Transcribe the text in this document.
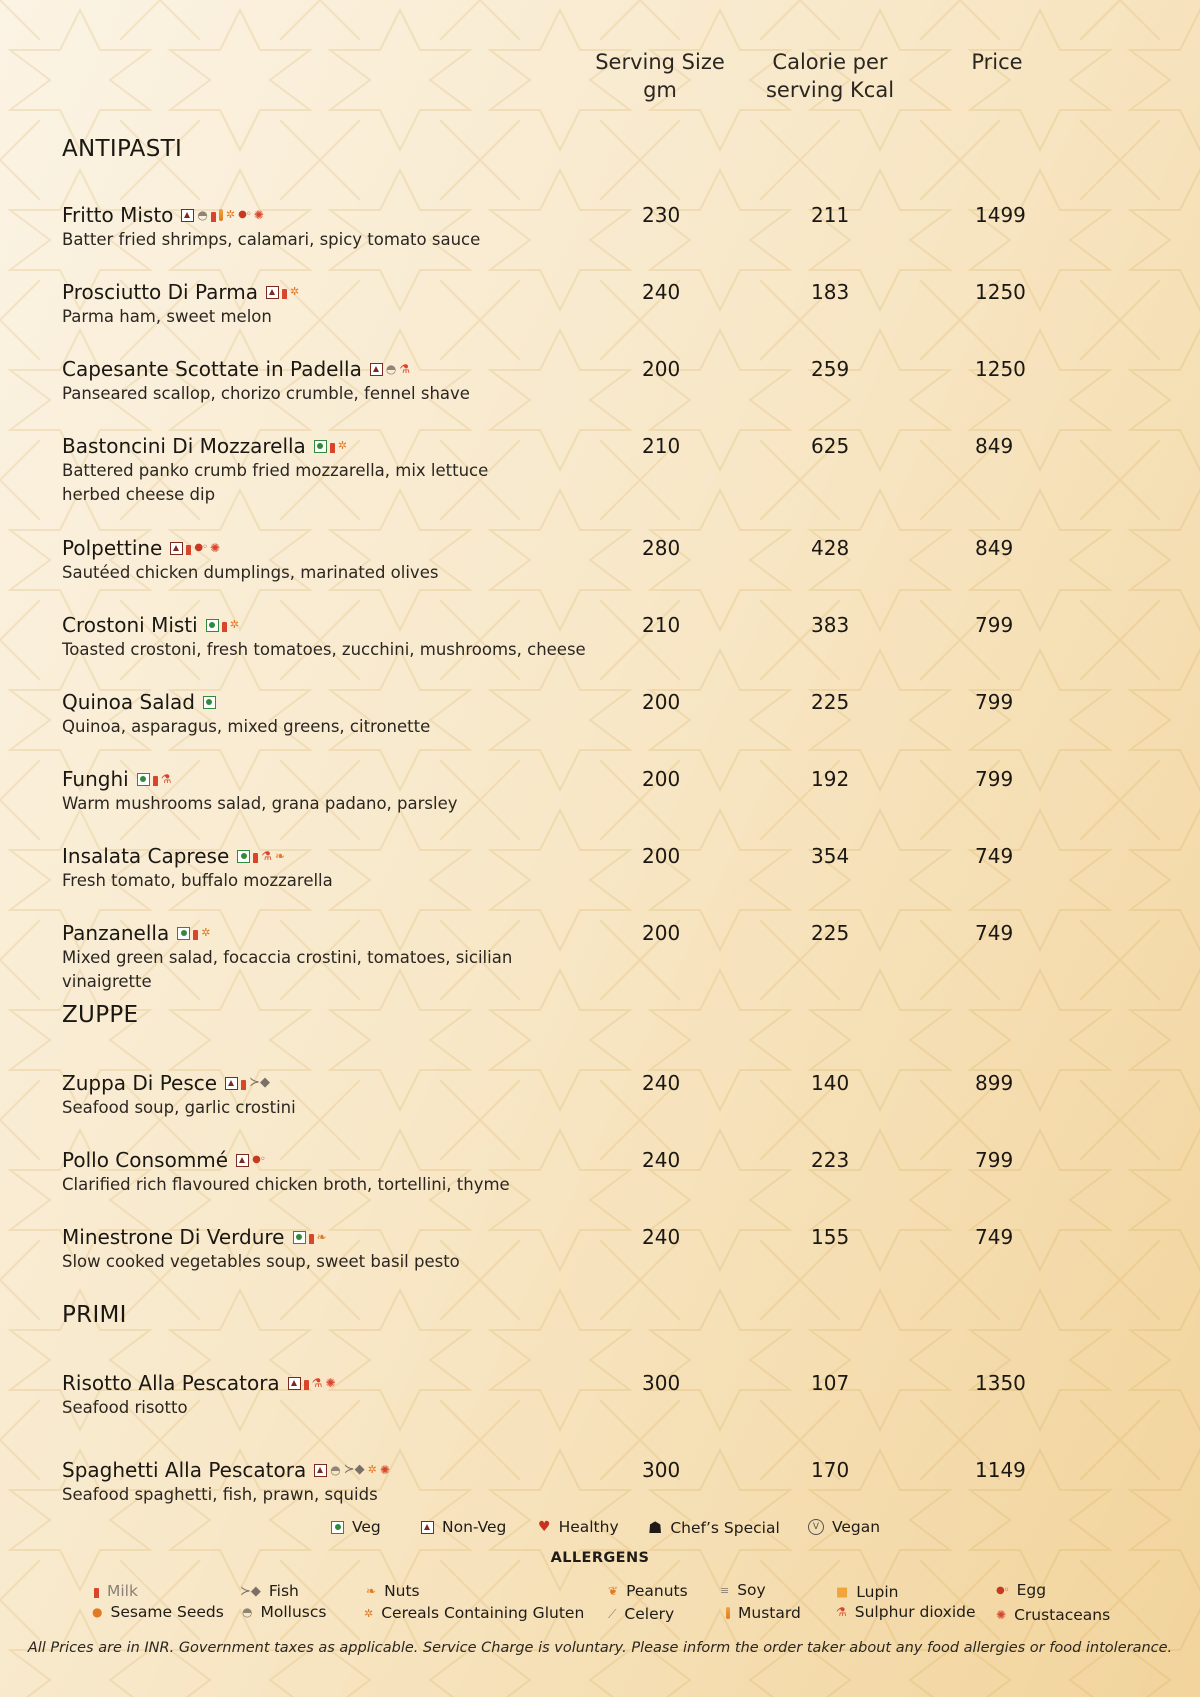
Serving Size
gm
Calorie per
serving Kcal
Price
ANTIPASTI
ZUPPE
PRIMI
Fritto Misto ◓ ✲ ●◦ ✺
Batter fried shrimps, calamari, spicy tomato sauce
230	211	1499
Prosciutto Di Parma	✲
Parma ham, sweet melon
240	183	1250
Capesante Scottate in Padella ◓ ⚗
Panseared scallop, chorizo crumble, fennel shave
200	259	1250
Bastoncini Di Mozzarella	✲
Battered panko crumb fried mozzarella, mix lettuce
herbed cheese dip
210	625	849
Polpettine	●◦ ✺
Sautéed chicken dumplings, marinated olives
280	428	849
Crostoni Misti	✲
Toasted crostoni, fresh tomatoes, zucchini, mushrooms, cheese
210	383	799
Quinoa Salad
Quinoa, asparagus, mixed greens, citronette
200	225	799
Funghi	⚗
Warm mushrooms salad, grana padano, parsley
200	192	799
Insalata Caprese	⚗ ❧
Fresh tomato, buffalo mozzarella
200	354	749
Panzanella	✲
Mixed green salad, focaccia crostini, tomatoes, sicilian vinaigrette
200	225	749
Zuppa Di Pesce ≻◆
Seafood soup, garlic crostini
240	140	899
Pollo Consommé ●◦
Clarified rich flavoured chicken broth, tortellini, thyme
240	223	799
Minestrone Di Verdure	❧
Slow cooked vegetables soup, sweet basil pesto
240	155	749
Risotto Alla Pescatora	⚗ ✺
Seafood risotto
300	107	1350
Spaghetti Alla Pescatora ◓ ≻◆ ✲ ✺
Seafood spaghetti, fish, prawn, squids
300	170	1149
Veg	Non-Veg ♥ Healthy ☗ Chef’s Special	V Vegan
ALLERGENS
Milk
● Sesame Seeds
≻◆ Fish
◓ Molluscs
❧ Nuts
✲ Cereals Containing Gluten
❦ Peanuts
⟋ Celery
≡ Soy
Mustard
■ Lupin
⚗ Sulphur dioxide
●◦ Egg
✺ Crustaceans
All Prices are in INR. Government taxes as applicable. Service Charge is voluntary. Please inform the order taker about any food allergies or food intolerance.
